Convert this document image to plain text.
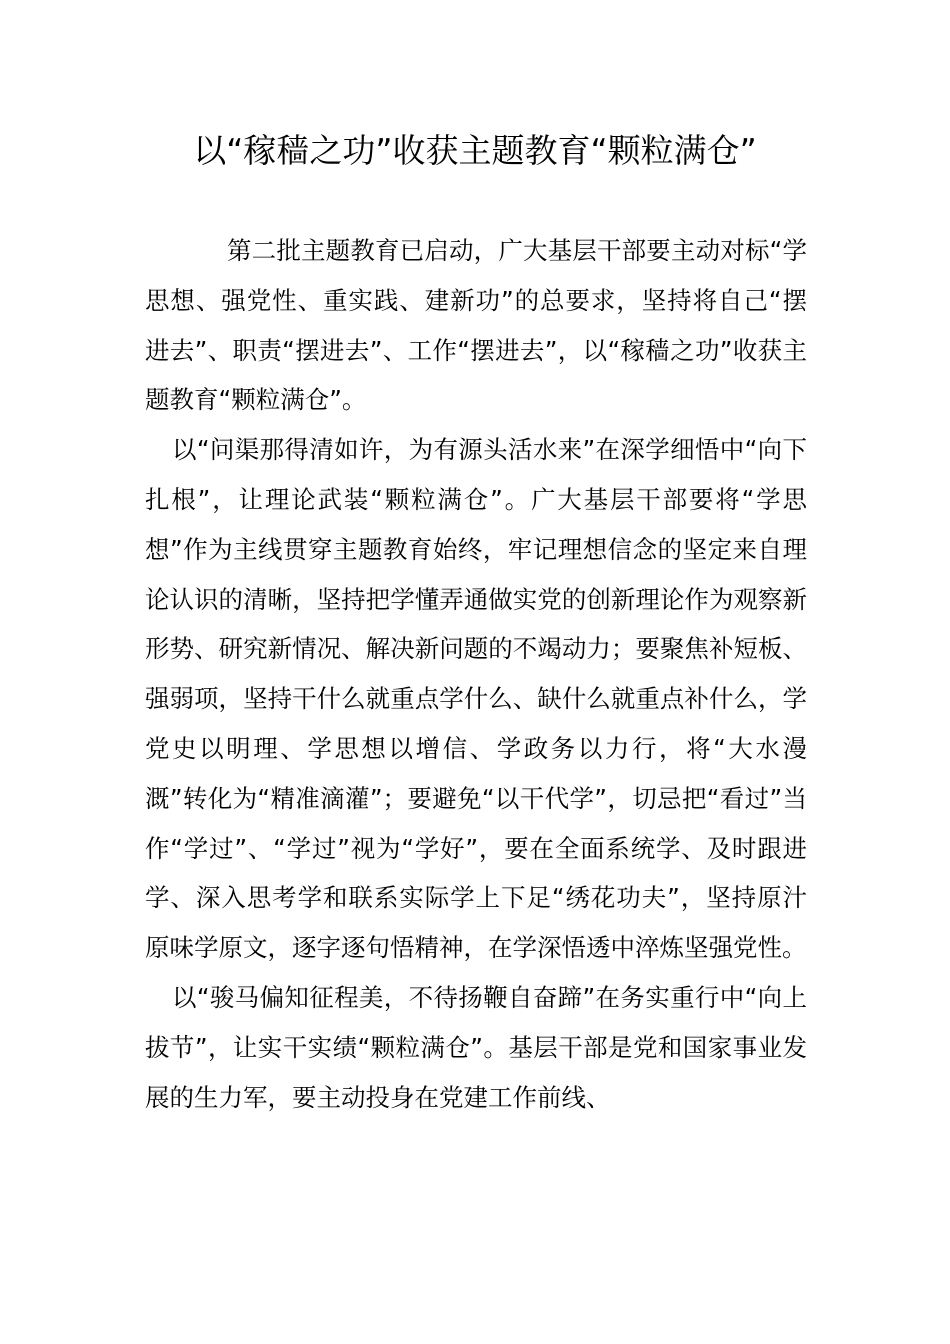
以“稼穑之功”收获主题教育“颗粒满仓”

第二批主题教育已启动，广大基层干部要主动对标“学思想、强党性、重实践、建新功”的总要求，坚持将自己“摆进去”、职责“摆进去”、工作“摆进去”，以“稼穑之功”收获主题教育“颗粒满仓”。

以“问渠那得清如许，为有源头活水来”在深学细悟中“向下扎根”，让理论武装“颗粒满仓”。广大基层干部要将“学思想”作为主线贯穿主题教育始终，牢记理想信念的坚定来自理论认识的清晰，坚持把学懂弄通做实党的创新理论作为观察新形势、研究新情况、解决新问题的不竭动力；要聚焦补短板、强弱项，坚持干什么就重点学什么、缺什么就重点补什么，学党史以明理、学思想以增信、学政务以力行，将“大水漫溉”转化为“精准滴灌”；要避免“以干代学”，切忌把“看过”当作“学过”、“学过”视为“学好”，要在全面系统学、及时跟进学、深入思考学和联系实际学上下足“绣花功夫”，坚持原汁原味学原文，逐字逐句悟精神，在学深悟透中淬炼坚强党性。

以“骏马偏知征程美，不待扬鞭自奋蹄”在务实重行中“向上拔节”，让实干实绩“颗粒满仓”。基层干部是党和国家事业发展的生力军，要主动投身在党建工作前线、
